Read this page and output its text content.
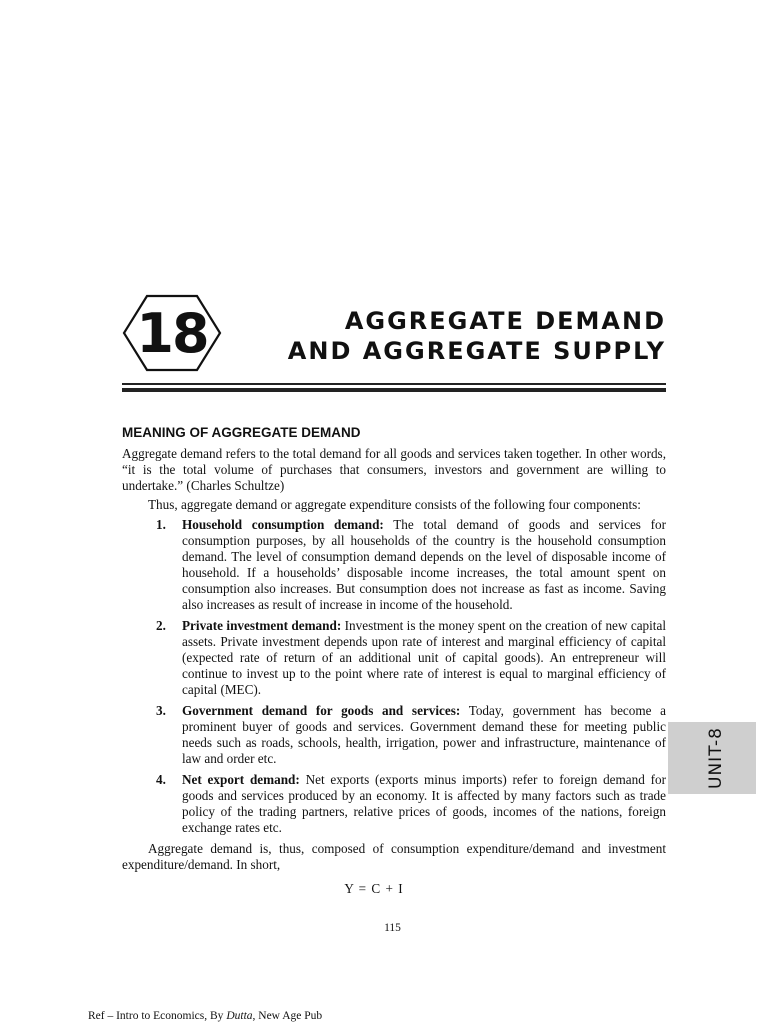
18	AGGREGATE DEMAND
AND AGGREGATE SUPPLY
MEANING OF AGGREGATE DEMAND

Aggregate demand refers to the total demand for all goods and services taken together. In other words, “it is the total volume of purchases that consumers, investors and government are willing to undertake.” (Charles Schultze)

Thus, aggregate demand or aggregate expenditure consists of the following four components:

1. Household consumption demand: The total demand of goods and services for consumption purposes, by all households of the country is the household consumption demand. The level of consumption demand depends on the level of disposable income of household. If a households’ disposable income increases, the total amount spent on consumption also increases. But consumption does not increase as fast as income. Saving also increases as result of increase in income of the household.
2. Private investment demand: Investment is the money spent on the creation of new capital assets. Private investment depends upon rate of interest and marginal efficiency of capital (expected rate of return of an additional unit of capital goods). An entrepreneur will continue to invest up to the point where rate of interest is equal to marginal efficiency of capital (MEC).
3. Government demand for goods and services: Today, government has become a prominent buyer of goods and services. Government demand these for meeting public needs such as roads, schools, health, irrigation, power and infrastructure, maintenance of law and order etc.
4. Net export demand: Net exports (exports minus imports) refer to foreign demand for goods and services produced by an economy. It is affected by many factors such as trade policy of the trading partners, relative prices of goods, incomes of the nations, foreign exchange rates etc.

Aggregate demand is, thus, composed of consumption expenditure/demand and investment expenditure/demand. In short,

Y = C + I
115
UNIT-8
Ref – Intro to Economics, By Dutta, New Age Pub
